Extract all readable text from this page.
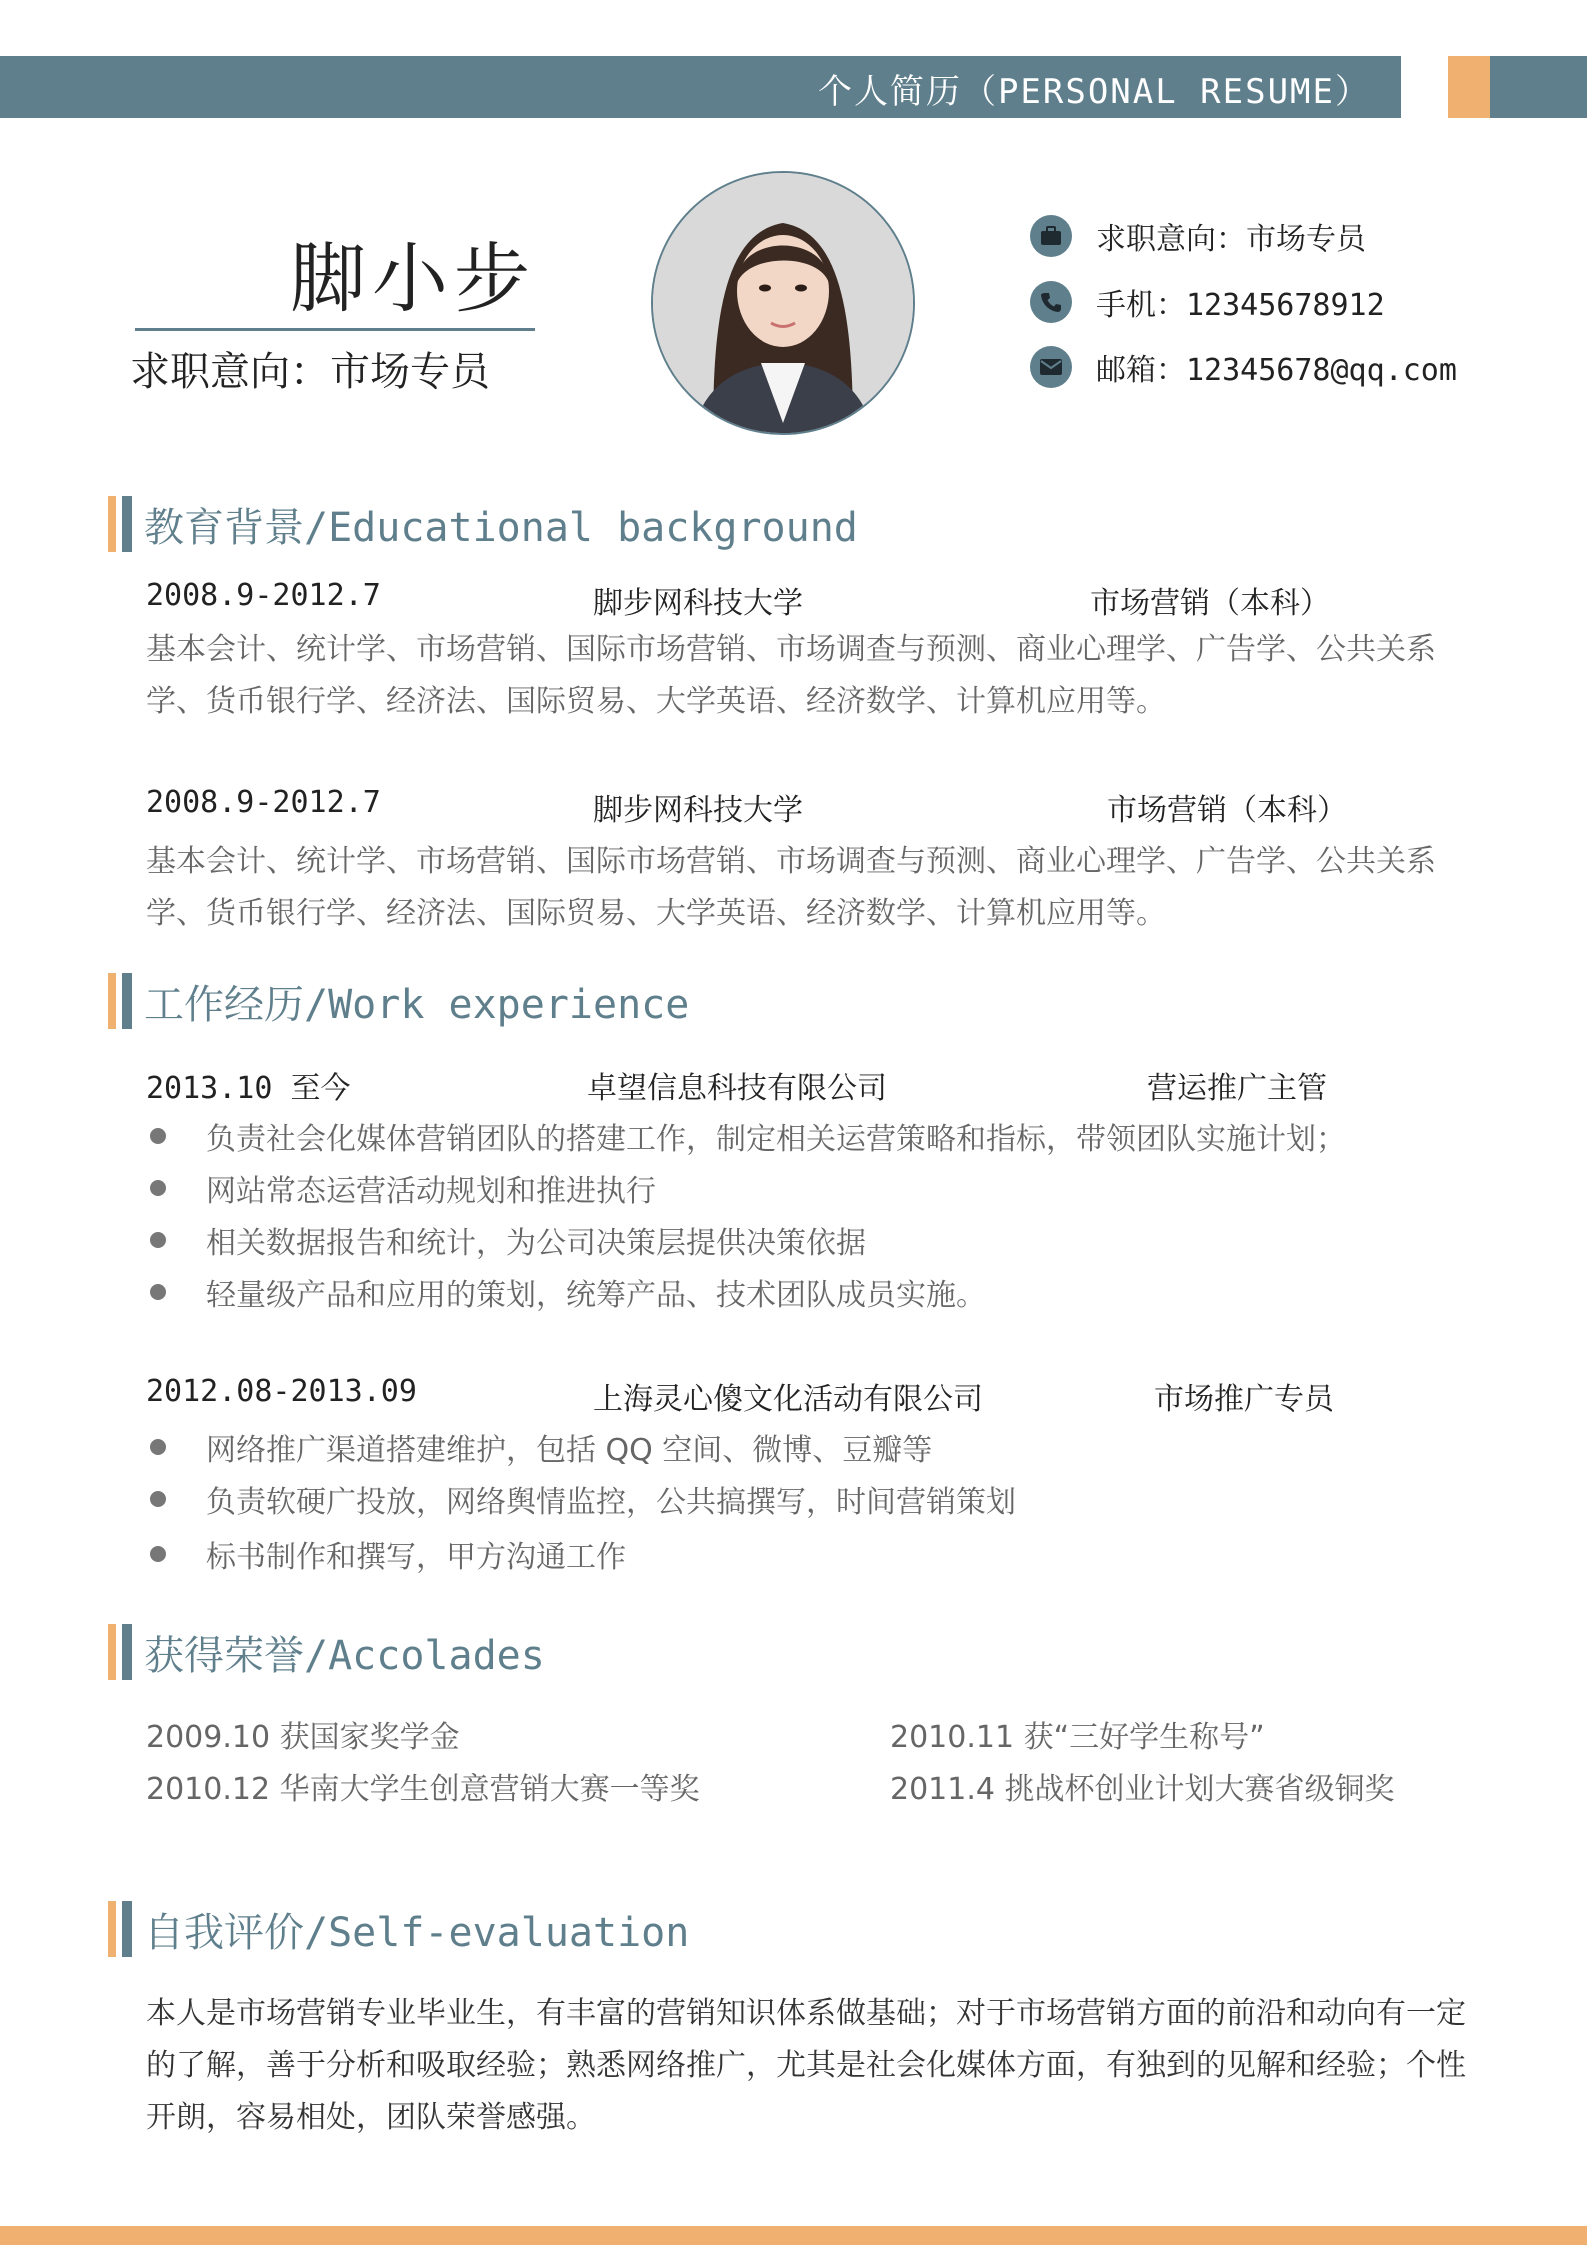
个人简历（PERSONAL RESUME）
脚小步
求职意向：市场专员
求职意向：市场专员
手机：12345678912
邮箱：12345678@qq.com
教育背景/Educational background
2008.9-2012.7	脚步网科技大学	市场营销（本科）

基本会计、统计学、市场营销、国际市场营销、市场调查与预测、商业心理学、广告学、公共关系学、货币银行学、经济法、国际贸易、大学英语、经济数学、计算机应用等。

2008.9-2012.7	脚步网科技大学	市场营销（本科）

基本会计、统计学、市场营销、国际市场营销、市场调查与预测、商业心理学、广告学、公共关系学、货币银行学、经济法、国际贸易、大学英语、经济数学、计算机应用等。

工作经历/Work experience
2013.10 至今	卓望信息科技有限公司	营运推广主管
负责社会化媒体营销团队的搭建工作，制定相关运营策略和指标，带领团队实施计划；
网站常态运营活动规划和推进执行
相关数据报告和统计，为公司决策层提供决策依据
轻量级产品和应用的策划，统筹产品、技术团队成员实施。
2012.08-2013.09	上海灵心傻文化活动有限公司	市场推广专员
网络推广渠道搭建维护，包括 QQ 空间、微博、豆瓣等
负责软硬广投放，网络舆情监控，公共搞撰写，时间营销策划
标书制作和撰写，甲方沟通工作
获得荣誉/Accolades
2009.10 获国家奖学金	2010.11 获“三好学生称号”
2010.12 华南大学生创意营销大赛一等奖	2011.4 挑战杯创业计划大赛省级铜奖
自我评价/Self-evaluation

本人是市场营销专业毕业生，有丰富的营销知识体系做基础；对于市场营销方面的前沿和动向有一定的了解，善于分析和吸取经验；熟悉网络推广，尤其是社会化媒体方面，有独到的见解和经验；个性开朗，容易相处，团队荣誉感强。
